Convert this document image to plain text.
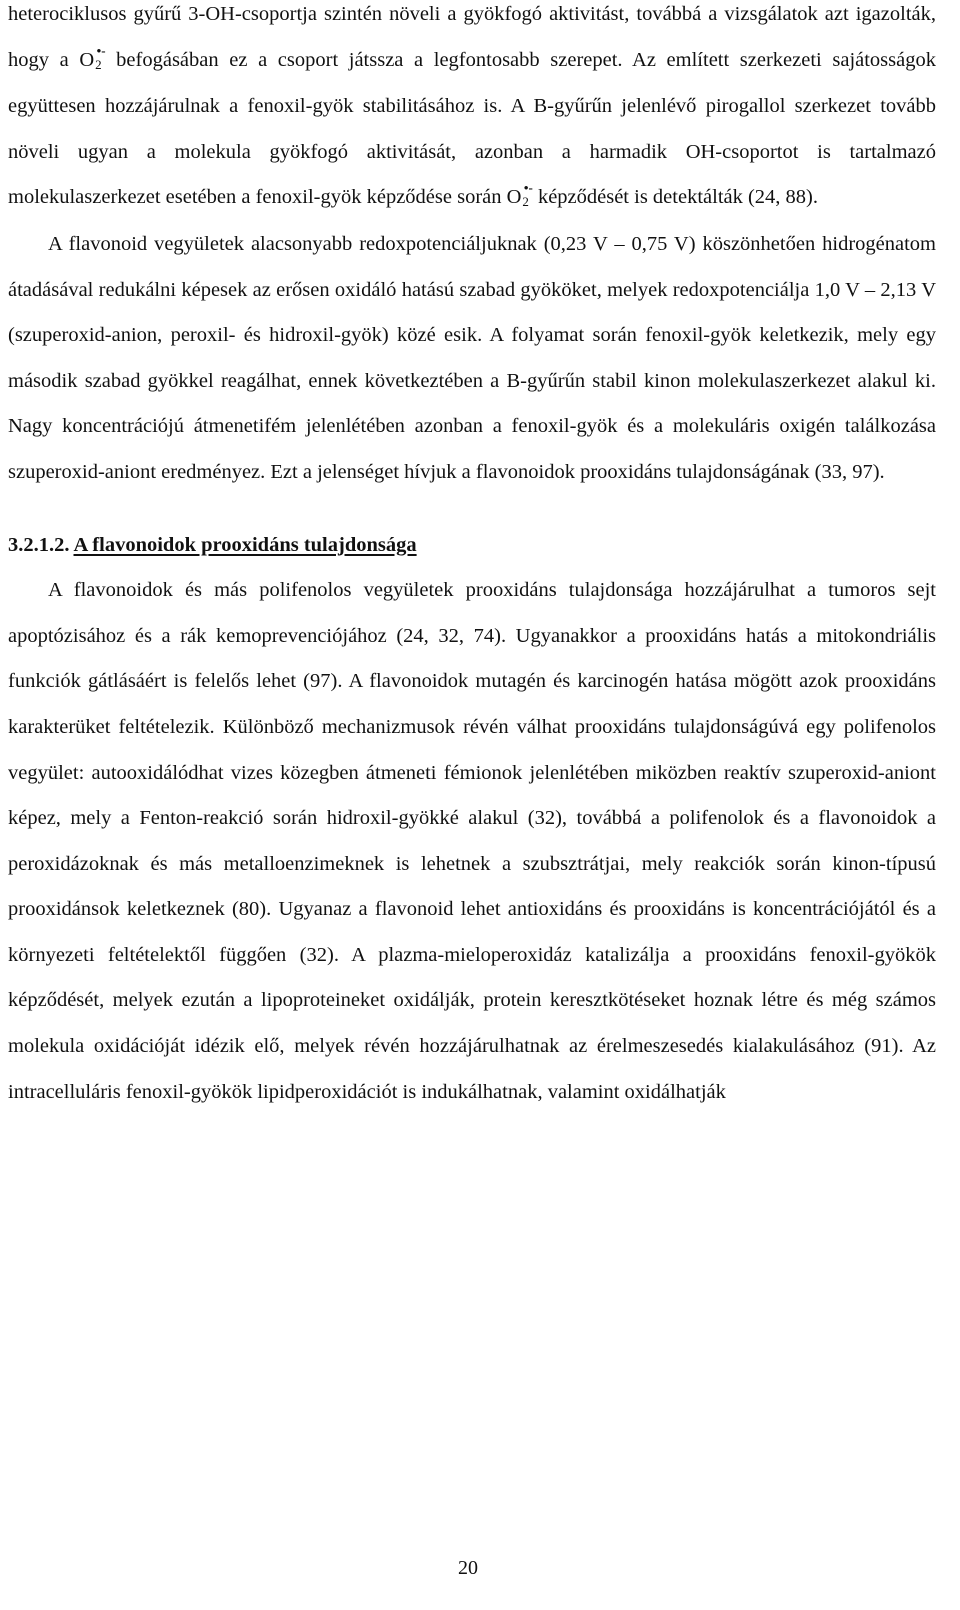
heterociklusos gyűrű 3-OH-csoportja szintén növeli a gyökfogó aktivitást, továbbá a vizsgálatok azt igazolták, hogy a O2•- befogásában ez a csoport játssza a legfontosabb szerepet. Az említett szerkezeti sajátosságok együttesen hozzájárulnak a fenoxil-gyök stabilitásához is. A B-gyűrűn jelenlévő pirogallol szerkezet tovább növeli ugyan a molekula gyökfogó aktivitását, azonban a harmadik OH-csoportot is tartalmazó molekulaszerkezet esetében a fenoxil-gyök képződése során O2•- képződését is detektálták (24, 88).

A flavonoid vegyületek alacsonyabb redoxpotenciáljuknak (0,23 V – 0,75 V) köszönhetően hidrogénatom átadásával redukálni képesek az erősen oxidáló hatású szabad gyököket, melyek redoxpotenciálja 1,0 V – 2,13 V (szuperoxid-anion, peroxil- és hidroxil-gyök) közé esik. A folyamat során fenoxil-gyök keletkezik, mely egy második szabad gyökkel reagálhat, ennek következtében a B-gyűrűn stabil kinon molekulaszerkezet alakul ki. Nagy koncentrációjú átmenetifém jelenlétében azonban a fenoxil-gyök és a molekuláris oxigén találkozása szuperoxid-aniont eredményez. Ezt a jelenséget hívjuk a flavonoidok prooxidáns tulajdonságának (33, 97).

3.2.1.2. A flavonoidok prooxidáns tulajdonsága

A flavonoidok és más polifenolos vegyületek prooxidáns tulajdonsága hozzájárulhat a tumoros sejt apoptózisához és a rák kemoprevenciójához (24, 32, 74). Ugyanakkor a prooxidáns hatás a mitokondriális funkciók gátlásáért is felelős lehet (97). A flavonoidok mutagén és karcinogén hatása mögött azok prooxidáns karakterüket feltételezik. Különböző mechanizmusok révén válhat prooxidáns tulajdonságúvá egy polifenolos vegyület: autooxidálódhat vizes közegben átmeneti fémionok jelenlétében miközben reaktív szuperoxid-aniont képez, mely a Fenton-reakció során hidroxil-gyökké alakul (32), továbbá a polifenolok és a flavonoidok a peroxidázoknak és más metalloenzimeknek is lehetnek a szubsztrátjai, mely reakciók során kinon-típusú prooxidánsok keletkeznek (80). Ugyanaz a flavonoid lehet antioxidáns és prooxidáns is koncentrációjától és a környezeti feltételektől függően (32). A plazma-mieloperoxidáz katalizálja a prooxidáns fenoxil-gyökök képződését, melyek ezután a lipoproteineket oxidálják, protein keresztkötéseket hoznak létre és még számos molekula oxidációját idézik elő, melyek révén hozzájárulhatnak az érelmeszesedés kialakulásához (91). Az intracelluláris fenoxil-gyökök lipidperoxidációt is indukálhatnak, valamint oxidálhatják

20
